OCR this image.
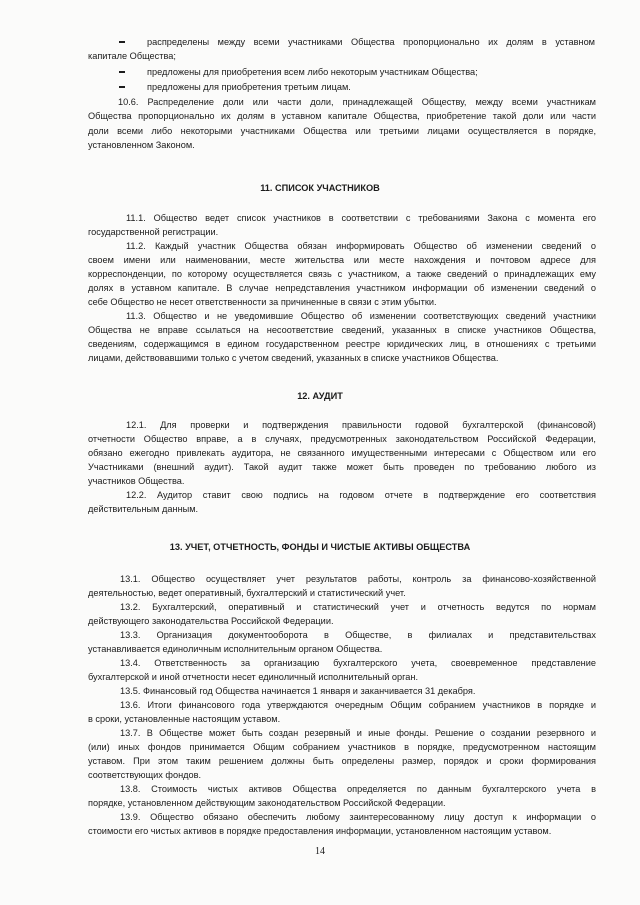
распределены между всеми участниками Общества пропорционально их долям в уставном
капитале Общества;
предложены для приобретения всем либо некоторым участникам Общества;
предложены для приобретения третьим лицам.
10.6. Распределение доли или части доли, принадлежащей Обществу, между всеми участникам
Общества пропорционально их долям в уставном капитале Общества, приобретение такой доли или части
доли всеми либо некоторыми участниками Общества или третьими лицами осуществляется в порядке,
установленном Законом.
11. СПИСОК УЧАСТНИКОВ
11.1. Общество ведет список участников в соответствии с требованиями Закона с момента его
государственной регистрации.
11.2. Каждый участник Общества обязан информировать Общество об изменении сведений о
своем имени или наименовании, месте жительства или месте нахождения и почтовом адресе для
корреспонденции, по которому осуществляется связь с участником, а также сведений о принадлежащих ему
долях в уставном капитале. В случае непредставления участником информации об изменении сведений о
себе Общество не несет ответственности за причиненные в связи с этим убытки.
11.3. Общество и не уведомившие Общество об изменении соответствующих сведений участники
Общества не вправе ссылаться на несоответствие сведений, указанных в списке участников Общества,
сведениям, содержащимся в едином государственном реестре юридических лиц, в отношениях с третьими
лицами, действовавшими только с учетом сведений, указанных в списке участников Общества.
12. АУДИТ
12.1. Для проверки и подтверждения правильности годовой бухгалтерской (финансовой)
отчетности Общество вправе, а в случаях, предусмотренных законодательством Российской Федерации,
обязано ежегодно привлекать аудитора, не связанного имущественными интересами с Обществом или его
Участниками (внешний аудит). Такой аудит также может быть проведен по требованию любого из
участников Общества.
12.2. Аудитор ставит свою подпись на годовом отчете в подтверждение его соответствия
действительным данным.
13. УЧЕТ, ОТЧЕТНОСТЬ, ФОНДЫ И ЧИСТЫЕ АКТИВЫ ОБЩЕСТВА
13.1. Общество осуществляет учет результатов работы, контроль за финансово-хозяйственной
деятельностью, ведет оперативный, бухгалтерский и статистический учет.
13.2. Бухгалтерский, оперативный и статистический учет и отчетность ведутся по нормам
действующего законодательства Российской Федерации.
13.3. Организация документооборота в Обществе, в филиалах и представительствах
устанавливается единоличным исполнительным органом Общества.
13.4. Ответственность за организацию бухгалтерского учета, своевременное представление
бухгалтерской и иной отчетности несет единоличный исполнительный орган.
13.5. Финансовый год Общества начинается 1 января и заканчивается 31 декабря.
13.6. Итоги финансового года утверждаются очередным Общим собранием участников в порядке и
в сроки, установленные настоящим уставом.
13.7. В Обществе может быть создан резервный и иные фонды. Решение о создании резервного и
(или) иных фондов принимается Общим собранием участников в порядке, предусмотренном настоящим
уставом. При этом таким решением должны быть определены размер, порядок и сроки формирования
соответствующих фондов.
13.8. Стоимость чистых активов Общества определяется по данным бухгалтерского учета в
порядке, установленном действующим законодательством Российской Федерации.
13.9. Общество обязано обеспечить любому заинтересованному лицу доступ к информации о
стоимости его чистых активов в порядке предоставления информации, установленном настоящим уставом.
14
